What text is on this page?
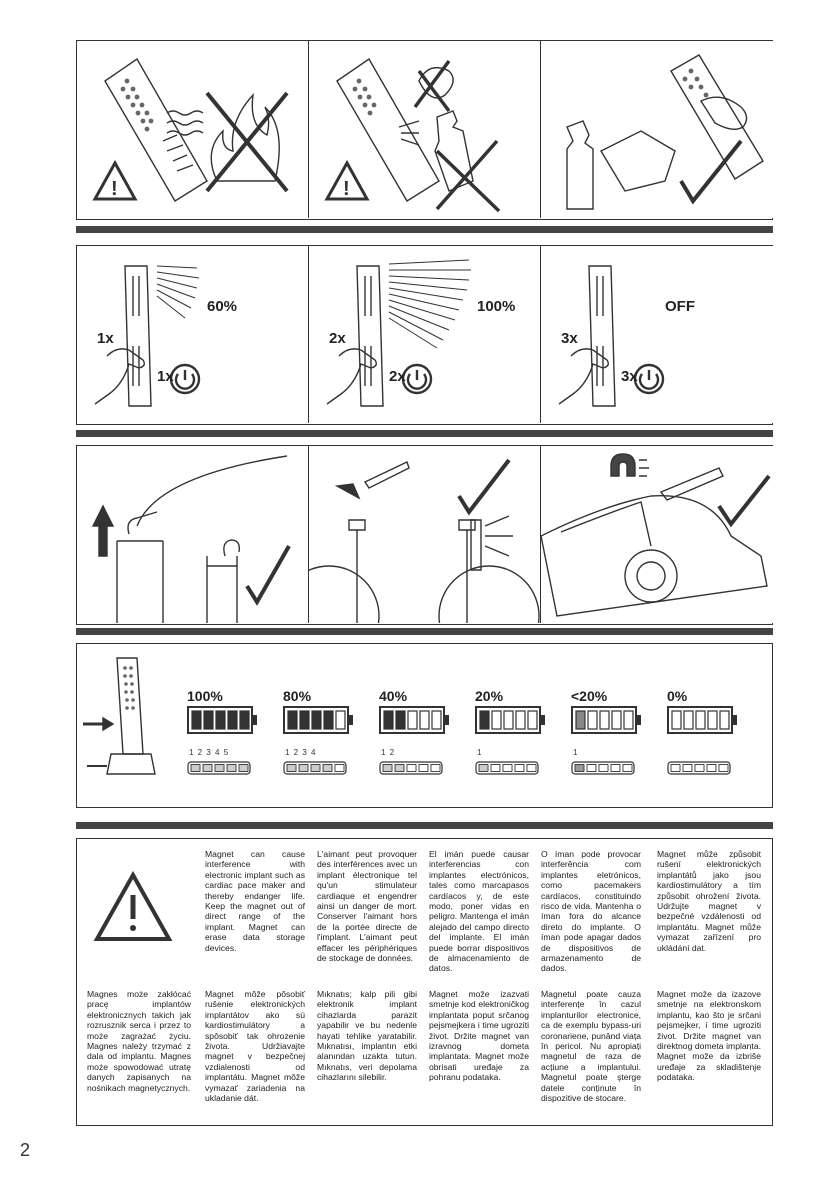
!	!
1x
1x
60%
2x
2x
100%
3x
3x
OFF
100%
1 2 3 4 5
80%
1 2 3 4
40%
1 2
20%
1
<20%
1
0%
Magnet can cause interference with electronic implant such as cardiac pace maker and thereby endanger life. Keep the magnet out of direct range of the implant. Magnet can erase data storage devices.
L'aimant peut provoquer des interférences avec un implant électronique tel qu'un stimulateur cardiaque et engendrer ainsi un danger de mort. Conserver l'aimant hors de la portée directe de l'implant. L'aimant peut effacer les périphériques de stockage de données.
El imán puede causar interferencias con implantes electrónicos, tales como marcapasos cardíacos y, de este modo, poner vidas en peligro. Mantenga el imán alejado del campo directo del implante. El imán puede borrar dispositivos de almacenamiento de datos.
O íman pode provocar interferência com implantes eletrónicos, como pacemakers cardíacos, constituindo risco de vida. Mantenha o íman fora do alcance direto do implante. O íman pode apagar dados de dispositivos de armazenamento de dados.
Magnet může způsobit rušení elektronických implantátů jako jsou kardiostimulátory a tím způsobit ohrožení života. Udržujte magnet v bezpečné vzdálenosti od implantátu. Magnet může vymazat zařízení pro ukládání dat.
Magnes może zakłócać pracę implantów elektronicznych takich jak rozrusznik serca i przez to może zagrażać życiu. Magnes należy trzymać z dala od implantu. Magnes może spowodować utratę danych zapisanych na nośnikach magnetycznych.
Magnet môže pôsobiť rušenie elektronických implantátov ako sú kardiostimulátory a spôsobiť tak ohrozenie života. Udržiavajte magnet v bezpečnej vzdialenosti od implantátu. Magnet môže vymazať zariadenia na ukladanie dát.
Mıknatıs; kalp pili gibi elektronik implant cihazlarda parazit yapabilir ve bu nedenle hayati tehlike yaratabilir. Mıknatısı, implantın etki alanından uzakta tutun. Mıknatıs, veri depolama cihazlarını silebilir.
Magnet može izazvati smetnje kod elektroničkog implantata poput srčanog pejsmejkera i time ugroziti život. Držite magnet van izravnog dometa implantata. Magnet može obrisati uređaje za pohranu podataka.
Magnetul poate cauza interferențe în cazul implanturilor electronice, ca de exemplu bypass-uri coronariene, punând viața în pericol. Nu apropiați magnetul de raza de acțiune a implantului. Magnetul poate șterge datele conținute în dispozitive de stocare.
Magnet može da izazove smetnje na elektronskom implantu, kao što je srčani pejsmejker, i time ugroziti život. Držite magnet van direktnog dometa implanta. Magnet može da izbriše uređaje za skladištenje podataka.
2
